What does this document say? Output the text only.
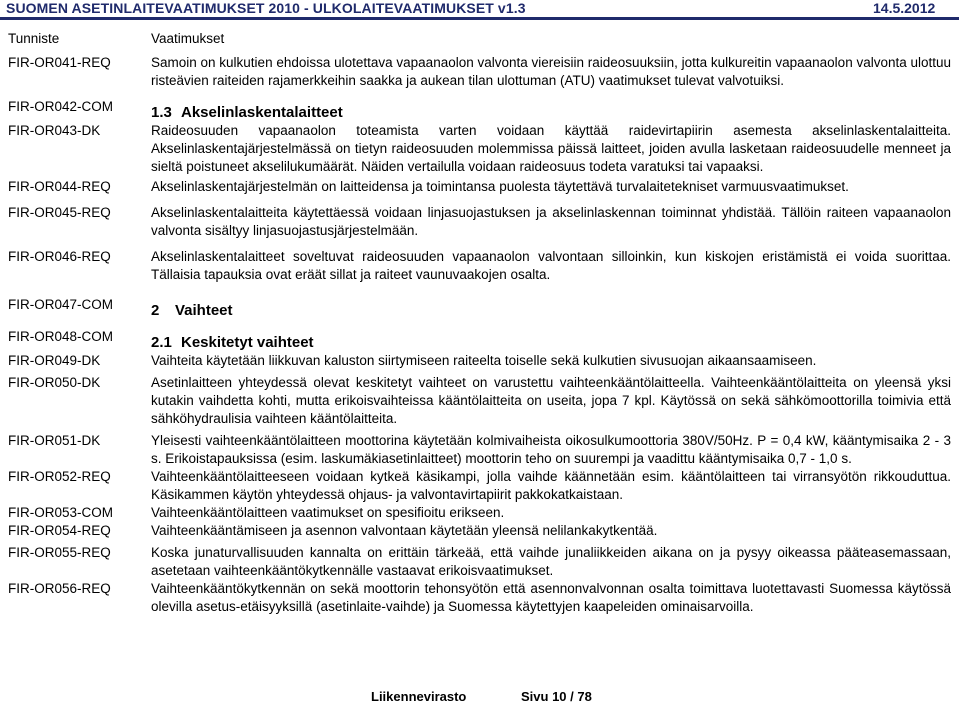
SUOMEN ASETINLAITEVAATIMUKSET 2010 - ULKOLAITEVAATIMUKSET v1.3	14.5.2012
Tunniste	Vaatimukset
FIR-OR041-REQ	Samoin on kulkutien ehdoissa ulotettava vapaanaolon valvonta viereisiin raideosuuksiin, jotta kulkureitin vapaanaolon valvonta ulottuu risteävien raiteiden rajamerkkeihin saakka ja aukean tilan ulottuman (ATU) vaatimukset tulevat valvotuiksi.
FIR-OR042-COM	1.3 Akselinlaskentalaitteet

FIR-OR043-DK	Raideosuuden vapaanaolon toteamista varten voidaan käyttää raidevirtapiirin asemesta akselinlaskentalaitteita. Akselinlaskentajärjestelmässä on tietyn raideosuuden molemmissa päissä laitteet, joiden avulla lasketaan raideosuudelle menneet ja sieltä poistuneet akselilukumäärät. Näiden vertailulla voidaan raideosuus todeta varatuksi tai vapaaksi.
FIR-OR044-REQ	Akselinlaskentajärjestelmän on laitteidensa ja toimintansa puolesta täytettävä turvalaitetekniset varmuusvaatimukset.
FIR-OR045-REQ	Akselinlaskentalaitteita käytettäessä voidaan linjasuojastuksen ja akselinlaskennan toiminnat yhdistää. Tällöin raiteen vapaanaolon valvonta sisältyy linjasuojastusjärjestelmään.
FIR-OR046-REQ	Akselinlaskentalaitteet soveltuvat raideosuuden vapaanaolon valvontaan silloinkin, kun kiskojen eristämistä ei voida suorittaa. Tällaisia tapauksia ovat eräät sillat ja raiteet vaunuvaakojen osalta.
FIR-OR047-COM	2 Vaihteet

FIR-OR048-COM	2.1 Keskitetyt vaihteet

FIR-OR049-DK	Vaihteita käytetään liikkuvan kaluston siirtymiseen raiteelta toiselle sekä kulkutien sivusuojan aikaansaamiseen.
FIR-OR050-DK	Asetinlaitteen yhteydessä olevat keskitetyt vaihteet on varustettu vaihteenkääntölaitteella. Vaihteenkääntölaitteita on yleensä yksi kutakin vaihdetta kohti, mutta erikoisvaihteissa kääntölaitteita on useita, jopa 7 kpl. Käytössä on sekä sähkömoottorilla toimivia että sähköhydraulisia vaihteen kääntölaitteita.
FIR-OR051-DK	Yleisesti vaihteenkääntölaitteen moottorina käytetään kolmivaiheista oikosulkumoottoria 380V/50Hz. P = 0,4 kW, kääntymisaika 2 - 3 s. Erikoistapauksissa (esim. laskumäkiasetinlaitteet) moottorin teho on suurempi ja vaadittu kääntymisaika 0,7 - 1,0 s.
FIR-OR052-REQ	Vaihteenkääntölaitteeseen voidaan kytkeä käsikampi, jolla vaihde käännetään esim. kääntölaitteen tai virransyötön rikkouduttua. Käsikammen käytön yhteydessä ohjaus- ja valvontavirtapiirit pakkokatkaistaan.
FIR-OR053-COM	Vaihteenkääntölaitteen vaatimukset on spesifioitu erikseen.
FIR-OR054-REQ	Vaihteenkääntämiseen ja asennon valvontaan käytetään yleensä nelilankakytkentää.
FIR-OR055-REQ	Koska junaturvallisuuden kannalta on erittäin tärkeää, että vaihde junaliikkeiden aikana on ja pysyy oikeassa pääteasemassaan, asetetaan vaihteenkääntökytkennälle vastaavat erikoisvaatimukset.
FIR-OR056-REQ	Vaihteenkääntökytkennän on sekä moottorin tehonsyötön että asennonvalvonnan osalta toimittava luotettavasti Suomessa käytössä olevilla asetus-etäisyyksillä (asetinlaite-vaihde) ja Suomessa käytettyjen kaapeleiden ominaisarvoilla.
Liikennevirasto	Sivu 10 / 78
